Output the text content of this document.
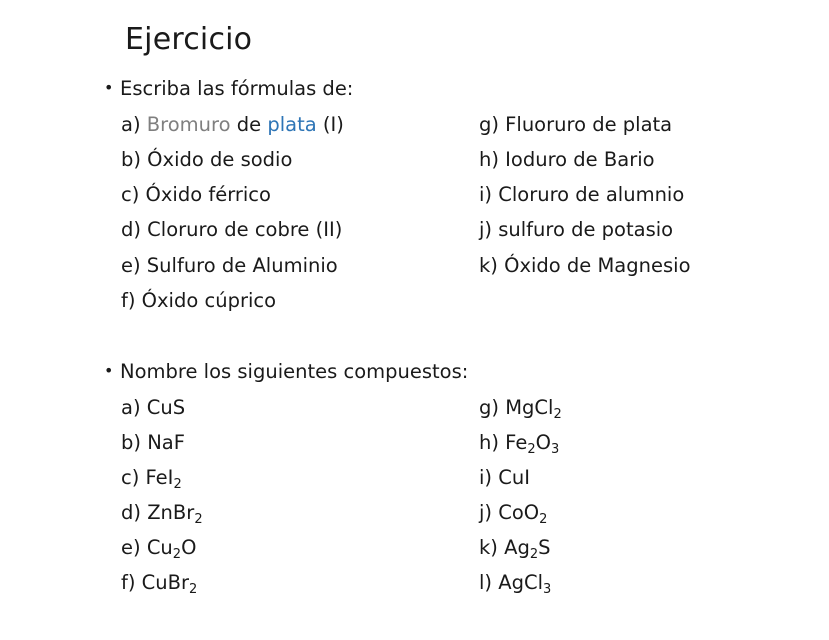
Ejercicio
• Escriba las fórmulas de:
a) Bromuro de plata (I)
b) Óxido de sodio
c) Óxido férrico
d) Cloruro de cobre (II)
e) Sulfuro de Aluminio
f) Óxido cúprico
g) Fluoruro de plata
h) Ioduro de Bario
i) Cloruro de alumnio
j) sulfuro de potasio
k) Óxido de Magnesio
• Nombre los siguientes compuestos:
a) CuS
b) NaF
c) FeI$_2$
d) ZnBr$_2$
e) $Cu_2O$
f) CuBr$_2$
g) MgCl$_2$
h) $Fe_2O_3$
i) CuI
j) CoO$_2$
k) $Ag_2S$
l) AgCl$_3$
